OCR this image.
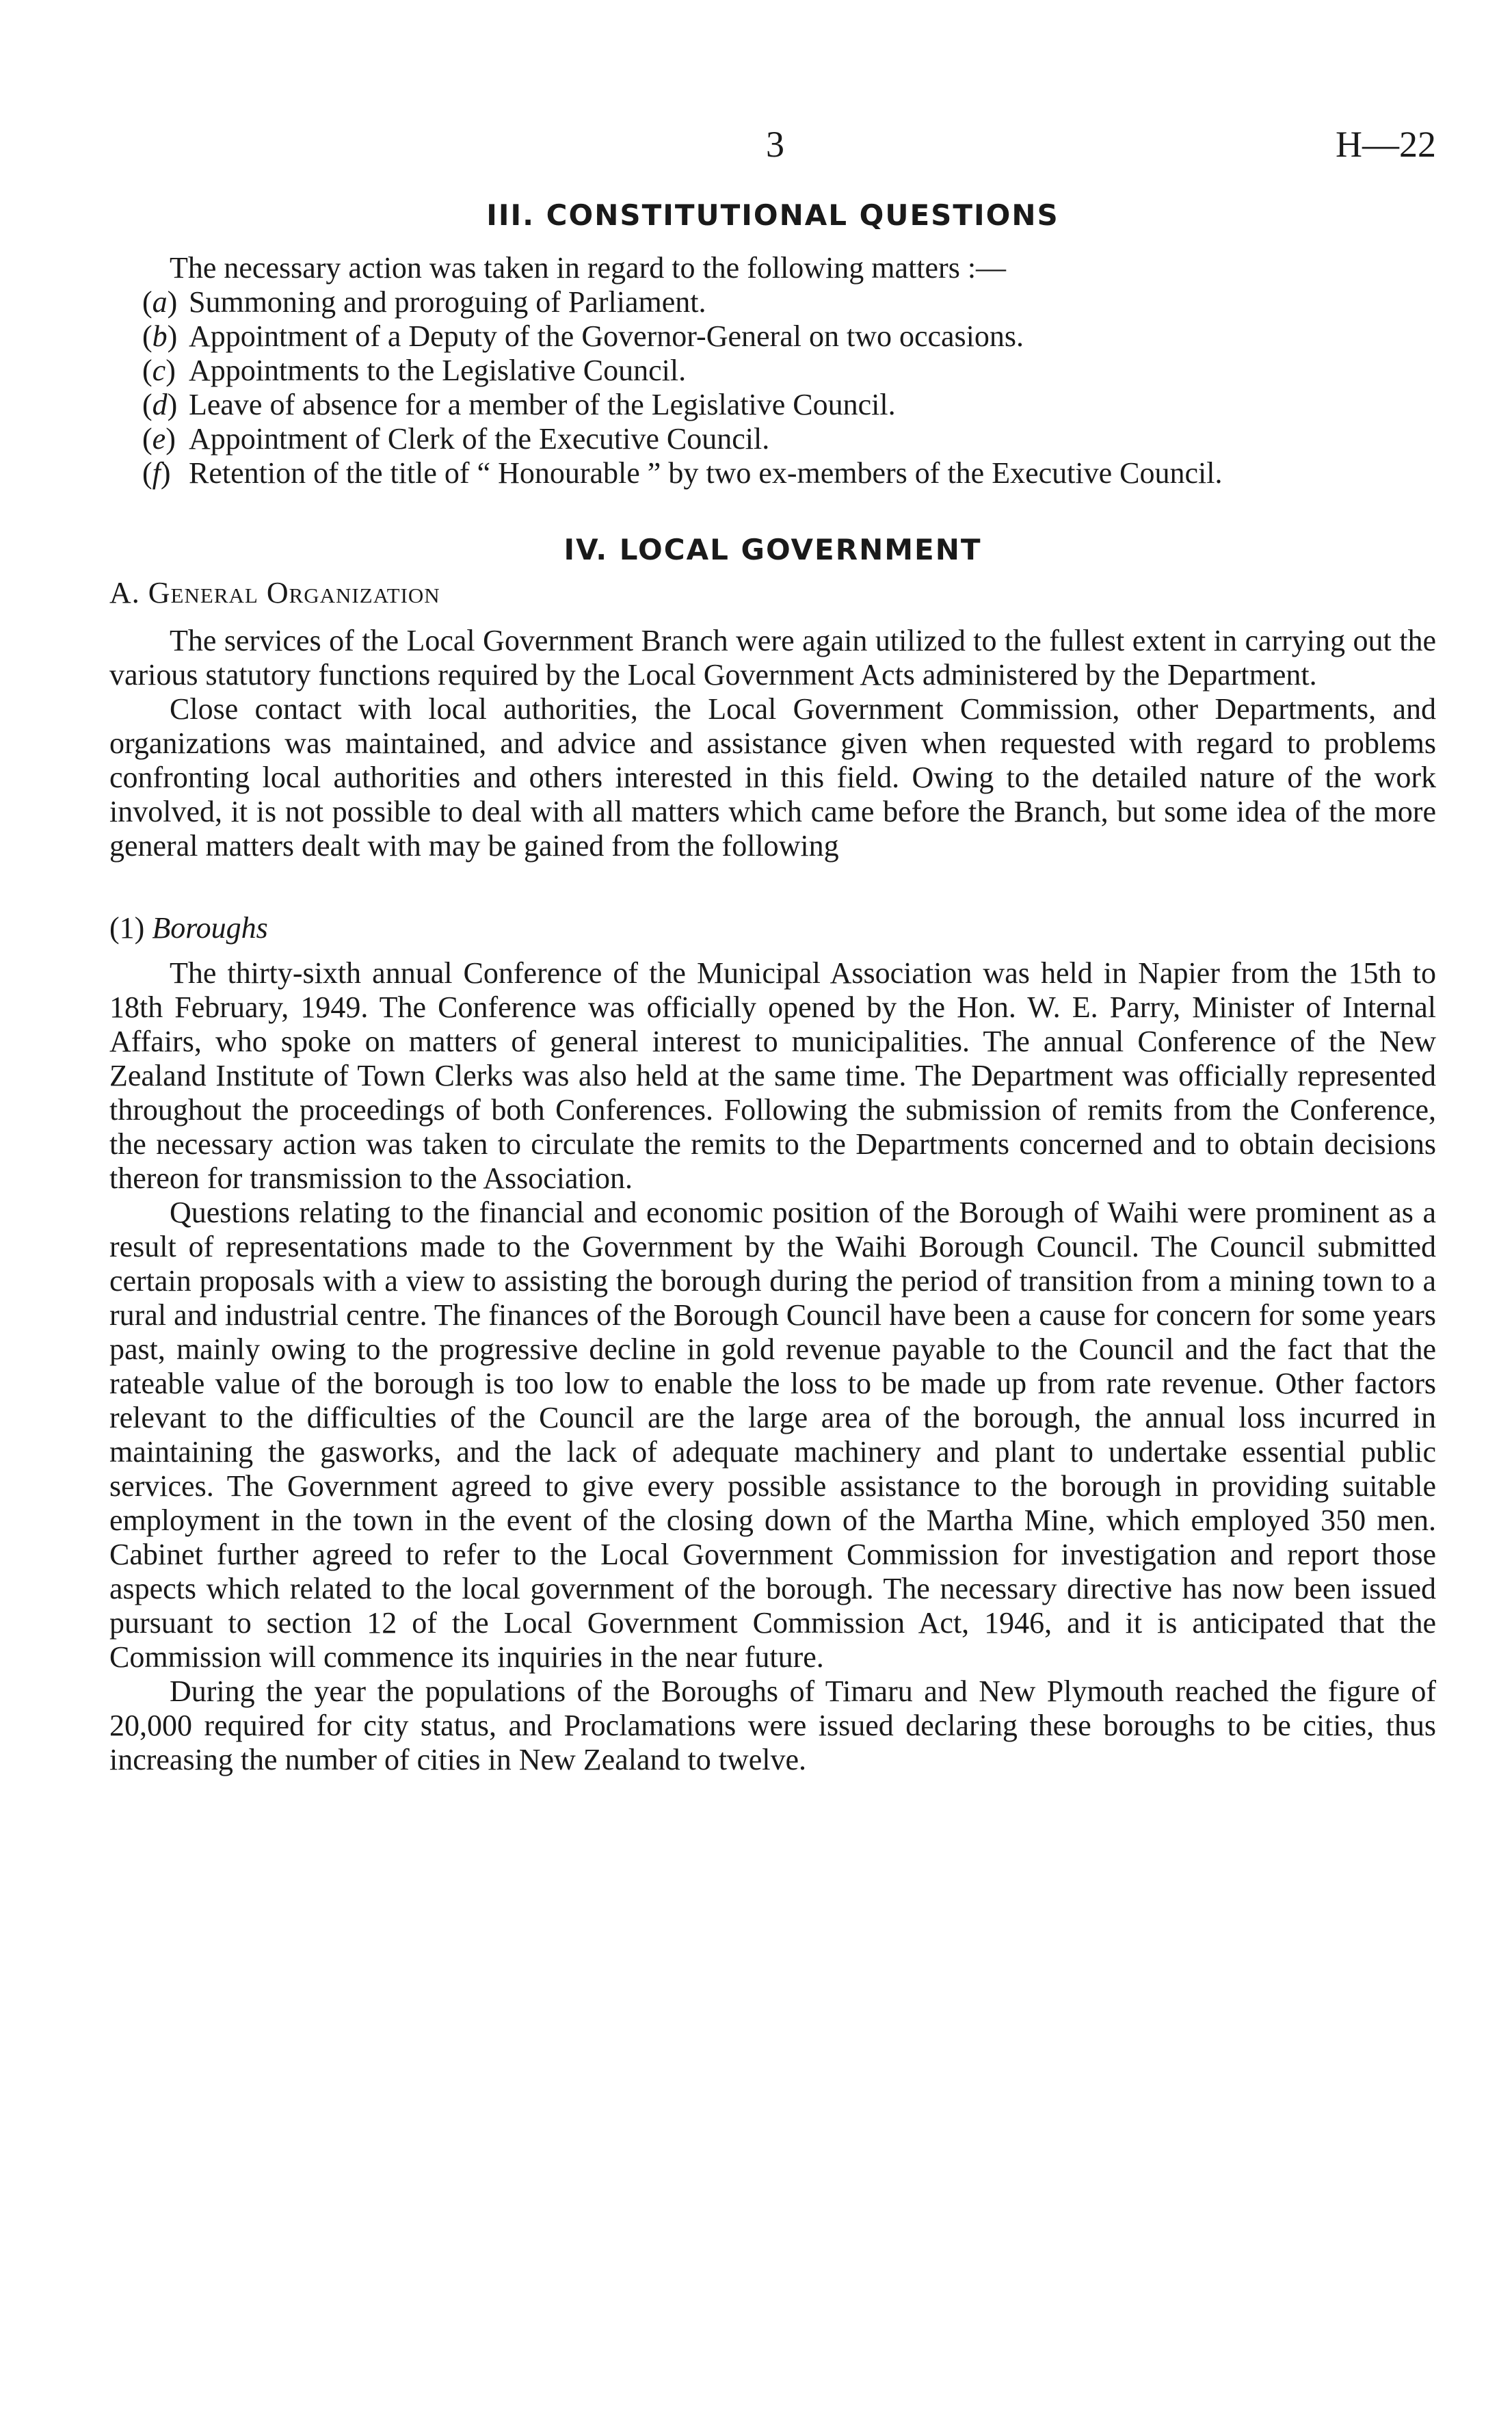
3	H—22
III. CONSTITUTIONAL QUESTIONS

The necessary action was taken in regard to the following matters :—

(a) Summoning and proroguing of Parliament.
(b) Appointment of a Deputy of the Governor-General on two occasions.
(c) Appointments to the Legislative Council.
(d) Leave of absence for a member of the Legislative Council.
(e) Appointment of Clerk of the Executive Council.
(f) Retention of the title of “ Honourable ” by two ex-members of the Executive Council.
IV. LOCAL GOVERNMENT
A. General Organization

The services of the Local Government Branch were again utilized to the fullest extent in carrying out the various statutory functions required by the Local Government Acts administered by the Department.

Close contact with local authorities, the Local Government Commission, other Departments, and organizations was maintained, and advice and assistance given when requested with regard to problems confronting local authorities and others interested in this field. Owing to the detailed nature of the work involved, it is not possible to deal with all matters which came before the Branch, but some idea of the more general matters dealt with may be gained from the following

(1) Boroughs

The thirty-sixth annual Conference of the Municipal Association was held in Napier from the 15th to 18th February, 1949. The Conference was officially opened by the Hon. W. E. Parry, Minister of Internal Affairs, who spoke on matters of general interest to municipalities. The annual Conference of the New Zealand Institute of Town Clerks was also held at the same time. The Department was officially represented throughout the proceedings of both Conferences. Following the submission of remits from the Conference, the necessary action was taken to circulate the remits to the Departments concerned and to obtain decisions thereon for transmission to the Association.

Questions relating to the financial and economic position of the Borough of Waihi were prominent as a result of representations made to the Government by the Waihi Borough Council. The Council submitted certain proposals with a view to assisting the borough during the period of transition from a mining town to a rural and industrial centre. The finances of the Borough Council have been a cause for concern for some years past, mainly owing to the progressive decline in gold revenue payable to the Council and the fact that the rateable value of the borough is too low to enable the loss to be made up from rate revenue. Other factors relevant to the difficulties of the Council are the large area of the borough, the annual loss incurred in maintaining the gasworks, and the lack of adequate machinery and plant to undertake essential public services. The Government agreed to give every possible assistance to the borough in providing suitable employment in the town in the event of the closing down of the Martha Mine, which employed 350 men. Cabinet further agreed to refer to the Local Government Commission for investigation and report those aspects which related to the local government of the borough. The necessary directive has now been issued pursuant to section 12 of the Local Government Commission Act, 1946, and it is anticipated that the Commission will commence its inquiries in the near future.

During the year the populations of the Boroughs of Timaru and New Plymouth reached the figure of 20,000 required for city status, and Proclamations were issued declaring these boroughs to be cities, thus increasing the number of cities in New Zealand to twelve.
